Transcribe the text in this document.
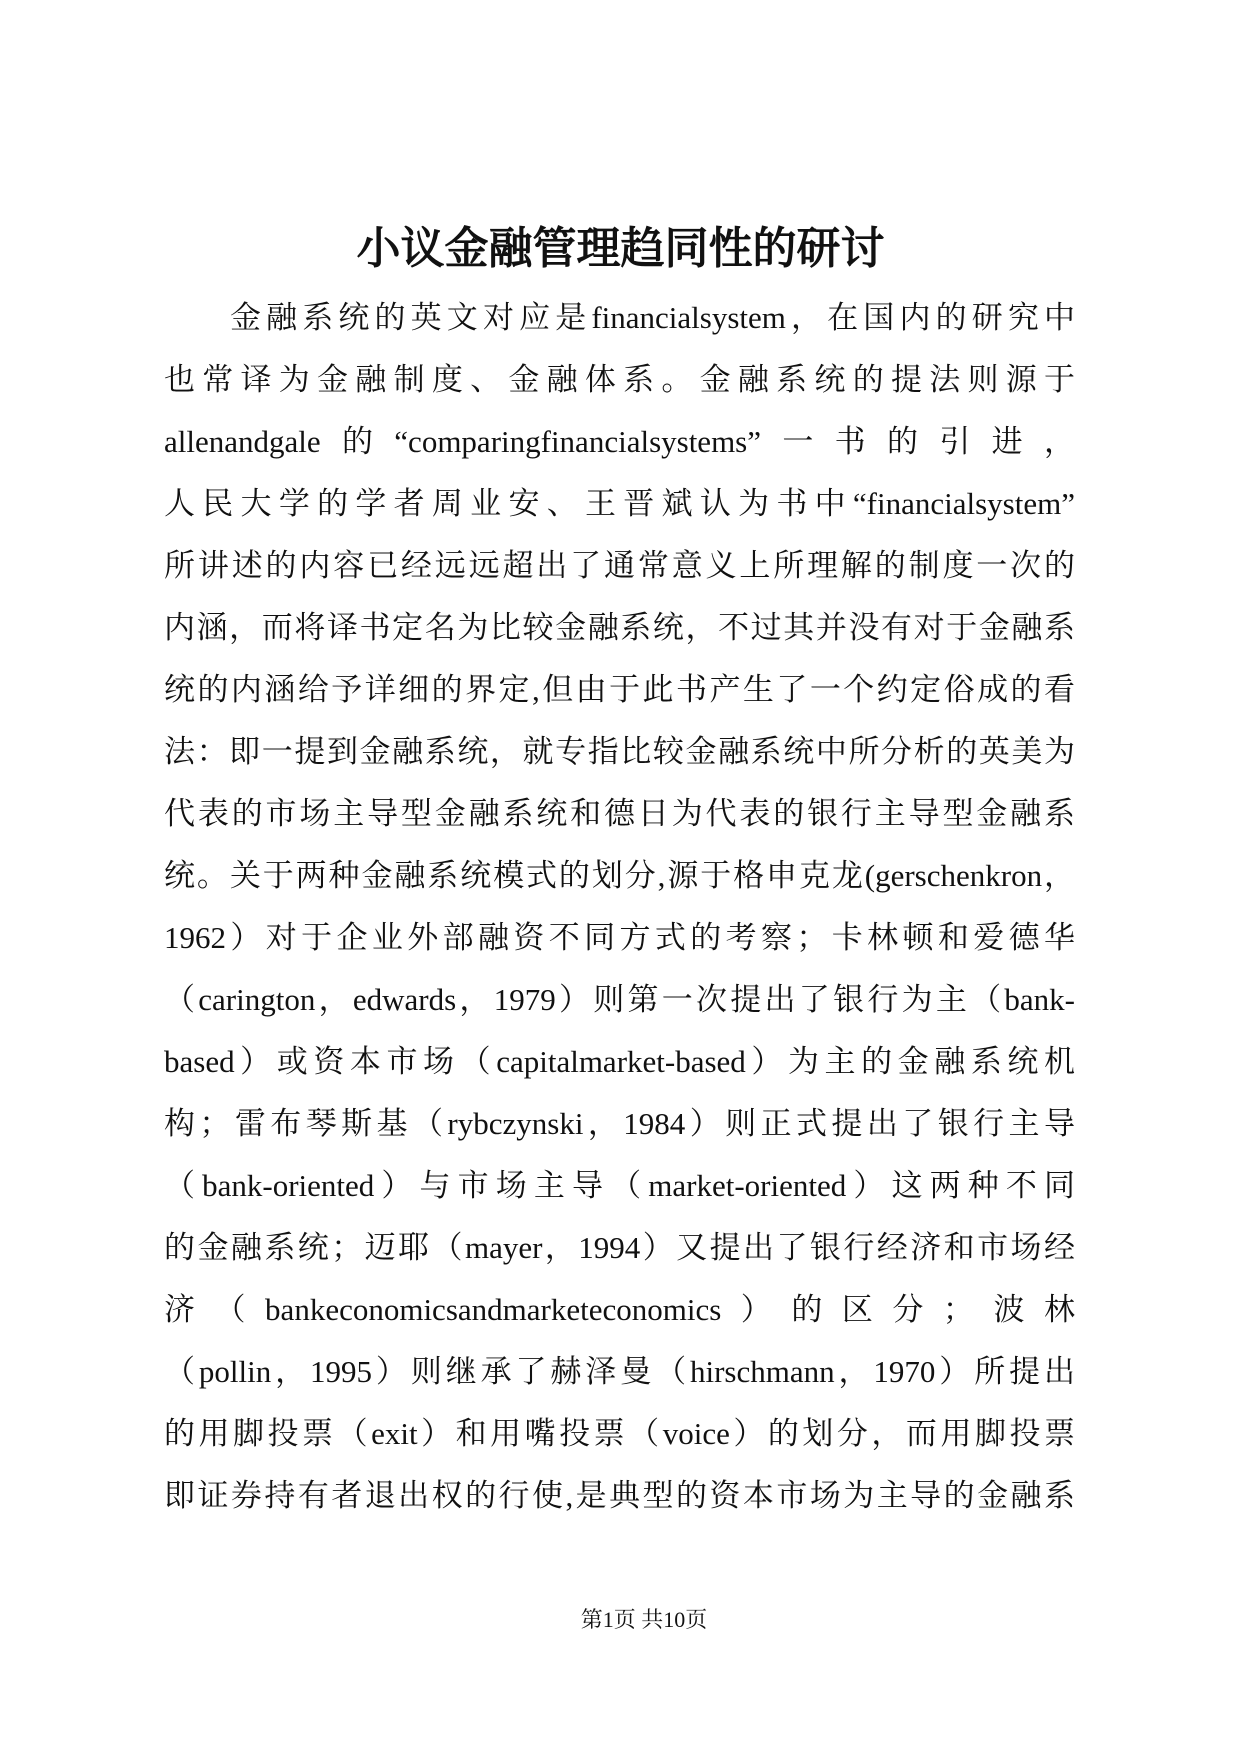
小议金融管理趋同性的研讨
金融系统的英文对应是financialsystem，在国内的研究中
也常译为金融制度、金融体系。金融系统的提法则源于
allenandgale的“comparingfinancialsystems”一书的引进，
人民大学的学者周业安、王晋斌认为书中“financialsystem”
所讲述的内容已经远远超出了通常意义上所理解的制度一次的
内涵，而将译书定名为比较金融系统，不过其并没有对于金融系
统的内涵给予详细的界定,但由于此书产生了一个约定俗成的看
法：即一提到金融系统，就专指比较金融系统中所分析的英美为
代表的市场主导型金融系统和德日为代表的银行主导型金融系
统。关于两种金融系统模式的划分,源于格申克龙(gerschenkron，
1962）对于企业外部融资不同方式的考察；卡林顿和爱德华
（carington，edwards，1979）则第一次提出了银行为主（bank-
based）或资本市场（capitalmarket-based）为主的金融系统机
构；雷布琴斯基（rybczynski，1984）则正式提出了银行主导
（bank-oriented）与市场主导（market-oriented）这两种不同
的金融系统；迈耶（mayer，1994）又提出了银行经济和市场经
济（bankeconomicsandmarketeconomics）的区分；波林
（pollin，1995）则继承了赫泽曼（hirschmann，1970）所提出
的用脚投票（exit）和用嘴投票（voice）的划分，而用脚投票
即证券持有者退出权的行使,是典型的资本市场为主导的金融系
第1页 共10页
